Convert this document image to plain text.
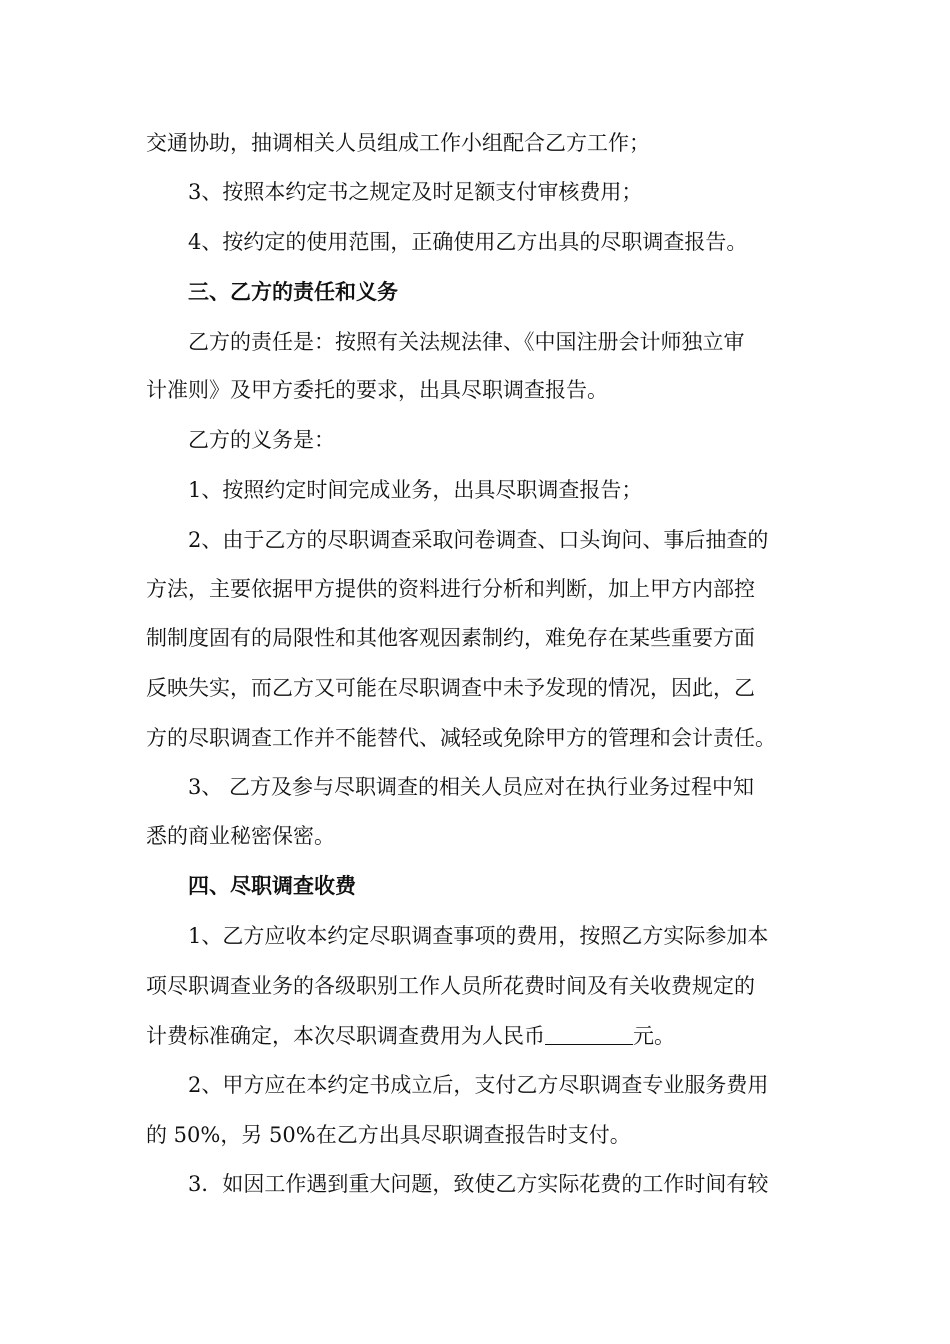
交通协助，抽调相关人员组成工作小组配合乙方工作；
3、按照本约定书之规定及时足额支付审核费用；
4、按约定的使用范围，正确使用乙方出具的尽职调查报告。
三、乙方的责任和义务
乙方的责任是：按照有关法规法律、《中国注册会计师独立审
计准则》及甲方委托的要求，出具尽职调查报告。
乙方的义务是：
1、按照约定时间完成业务，出具尽职调查报告；
2、由于乙方的尽职调查采取问卷调查、口头询问、事后抽查的
方法，主要依据甲方提供的资料进行分析和判断，加上甲方内部控
制制度固有的局限性和其他客观因素制约，难免存在某些重要方面
反映失实，而乙方又可能在尽职调查中未予发现的情况，因此，乙
方的尽职调查工作并不能替代、减轻或免除甲方的管理和会计责任。
3、 乙方及参与尽职调查的相关人员应对在执行业务过程中知
悉的商业秘密保密。
四、尽职调查收费
1、乙方应收本约定尽职调查事项的费用，按照乙方实际参加本
项尽职调查业务的各级职别工作人员所花费时间及有关收费规定的
计费标准确定，本次尽职调查费用为人民币	元。
2、甲方应在本约定书成立后，支付乙方尽职调查专业服务费用
的 50%，另 50%在乙方出具尽职调查报告时支付。
3．如因工作遇到重大问题，致使乙方实际花费的工作时间有较
